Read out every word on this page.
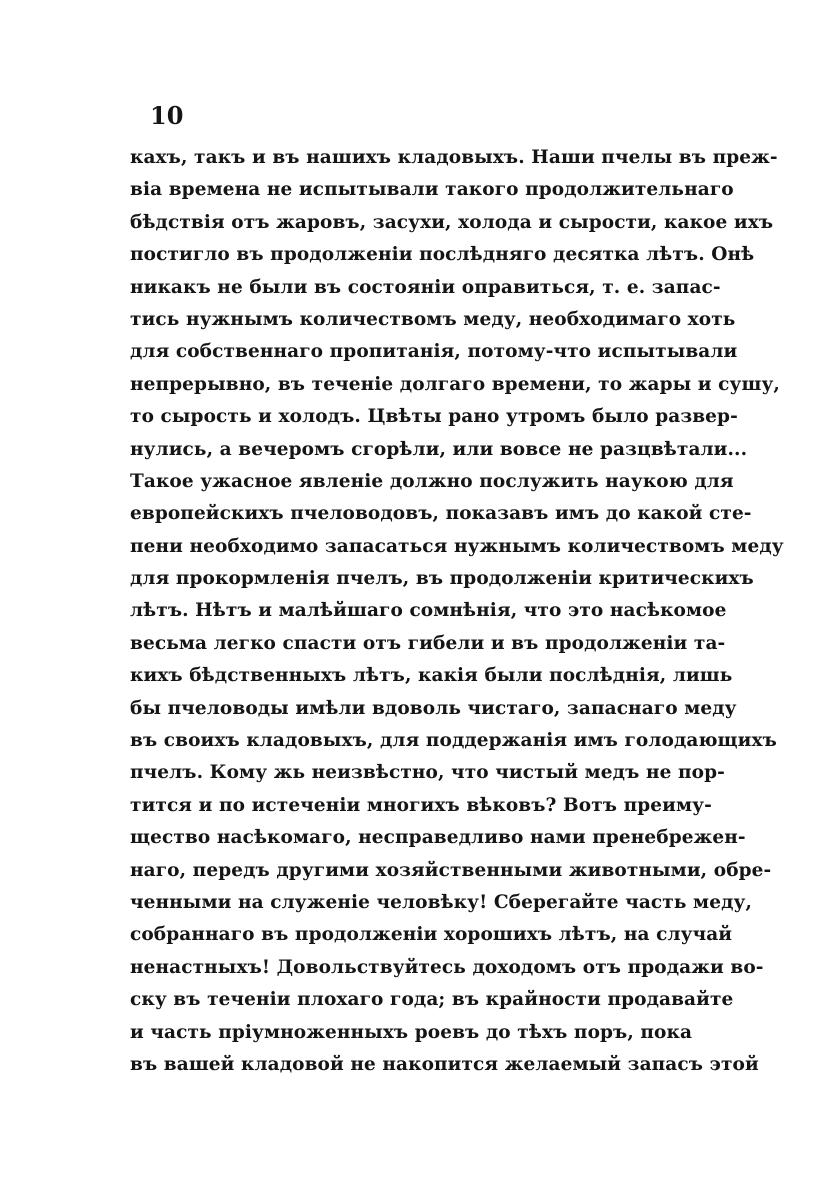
10
кахъ, такъ и въ нашихъ кладовыхъ. Наши пчелы въ преж-
віа времена не испытывали такого продолжительнаго
бѣдствія отъ жаровъ, засухи, холода и сырости, какое ихъ
постигло въ продолженіи послѣдняго десятка лѣтъ. Онѣ
никакъ не были въ состояніи оправиться, т. е. запас-
тись нужнымъ количествомъ меду, необходимаго хоть
для собственнаго пропитанія, потому-что испытывали
непрерывно, въ теченіе долгаго времени, то жары и сушу,
то сырость и холодъ. Цвѣты рано утромъ было развер-
нулись, а вечеромъ сгорѣли, или вовсе не разцвѣтали...
Такое ужасное явленіе должно послужить наукою для
европейскихъ пчеловодовъ, показавъ имъ до какой сте-
пени необходимо запасаться нужнымъ количествомъ меду
для прокормленія пчелъ, въ продолженіи критическихъ
лѣтъ. Нѣтъ и малѣйшаго сомнѣнія, что это насѣкомое
весьма легко спасти отъ гибели и въ продолженіи та-
кихъ бѣдственныхъ лѣтъ, какія были послѣднія, лишь
бы пчеловоды имѣли вдоволь чистаго, запаснаго меду
въ своихъ кладовыхъ, для поддержанія имъ голодающихъ
пчелъ. Кому жь неизвѣстно, что чистый медъ не пор-
тится и по истеченіи многихъ вѣковъ? Вотъ преиму-
щество насѣкомаго, несправедливо нами пренебрежен-
наго, передъ другими хозяйственными животными, обре-
ченными на служеніе человѣку! Сберегайте часть меду,
собраннаго въ продолженіи хорошихъ лѣтъ, на случай
ненастныхъ! Довольствуйтесь доходомъ отъ продажи во-
ску въ теченіи плохаго года; въ крайности продавайте
и часть пріумноженныхъ роевъ до тѣхъ поръ, пока
въ вашей кладовой не накопится желаемый запасъ этой
